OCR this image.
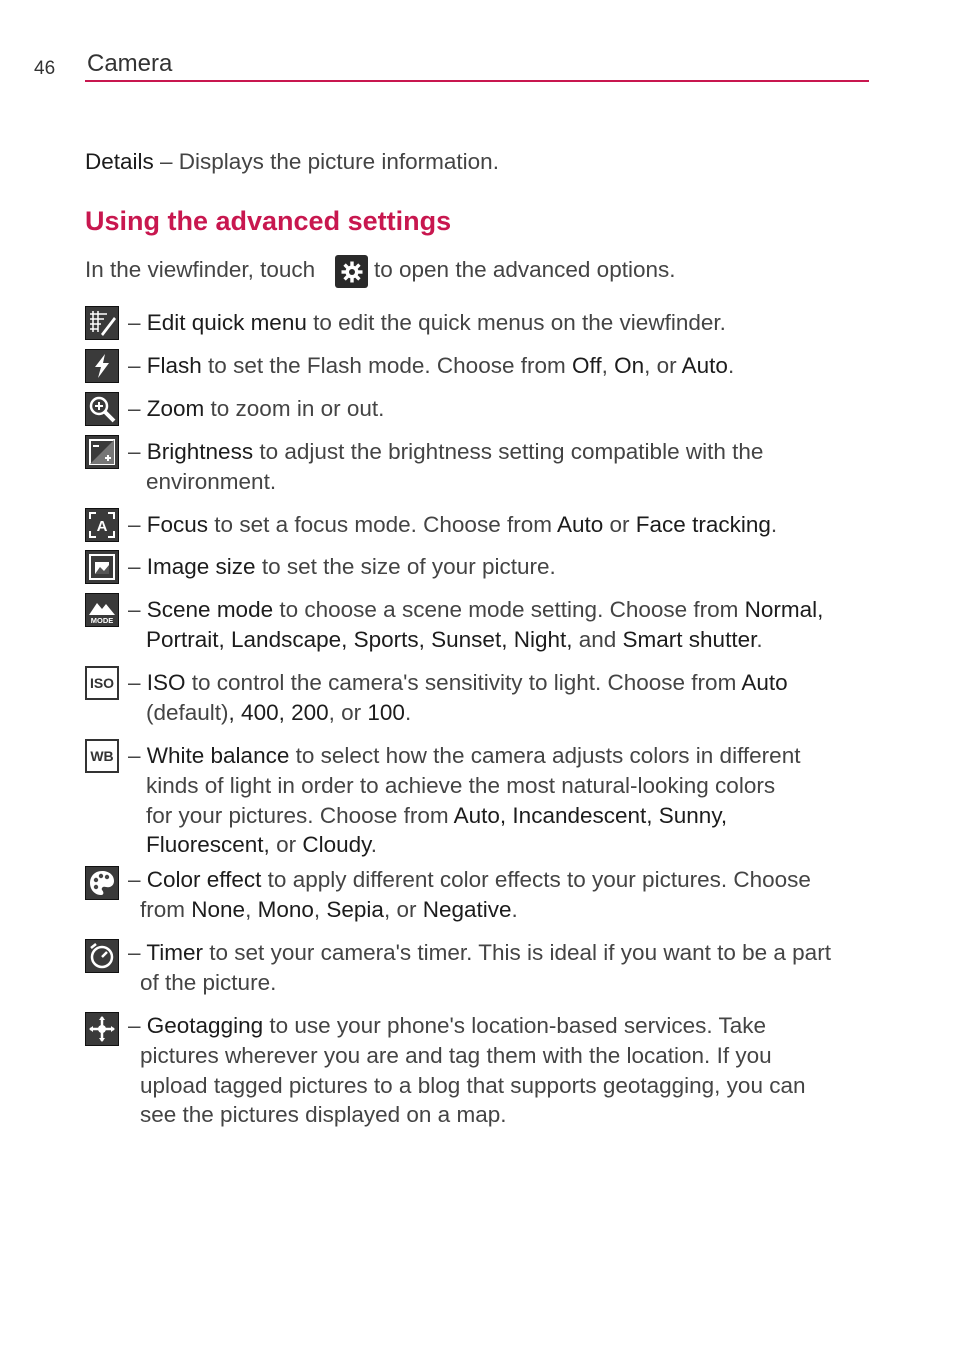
46 Camera
Details – Displays the picture information.
Using the advanced settings
In the viewfinder, touch	to open the advanced options.
A
MODE
ISO
WB
– Edit quick menu to edit the quick menus on the viewfinder.
– Flash to set the Flash mode. Choose from Off, On, or Auto.
– Zoom to zoom in or out.
– Brightness to adjust the brightness setting compatible with the
environment.
– Focus to set a focus mode. Choose from Auto or Face tracking.
– Image size to set the size of your picture.
– Scene mode to choose a scene mode setting. Choose from Normal,
Portrait, Landscape, Sports, Sunset, Night, and Smart shutter.
– ISO to control the camera's sensitivity to light. Choose from Auto
(default), 400, 200, or 100.
– White balance to select how the camera adjusts colors in different
kinds of light in order to achieve the most natural-looking colors
for your pictures. Choose from Auto, Incandescent, Sunny,
Fluorescent, or Cloudy.
– Color effect to apply different color effects to your pictures. Choose
from None, Mono, Sepia, or Negative.
– Timer to set your camera's timer. This is ideal if you want to be a part
of the picture.
– Geotagging to use your phone's location-based services. Take
pictures wherever you are and tag them with the location. If you
upload tagged pictures to a blog that supports geotagging, you can
see the pictures displayed on a map.
